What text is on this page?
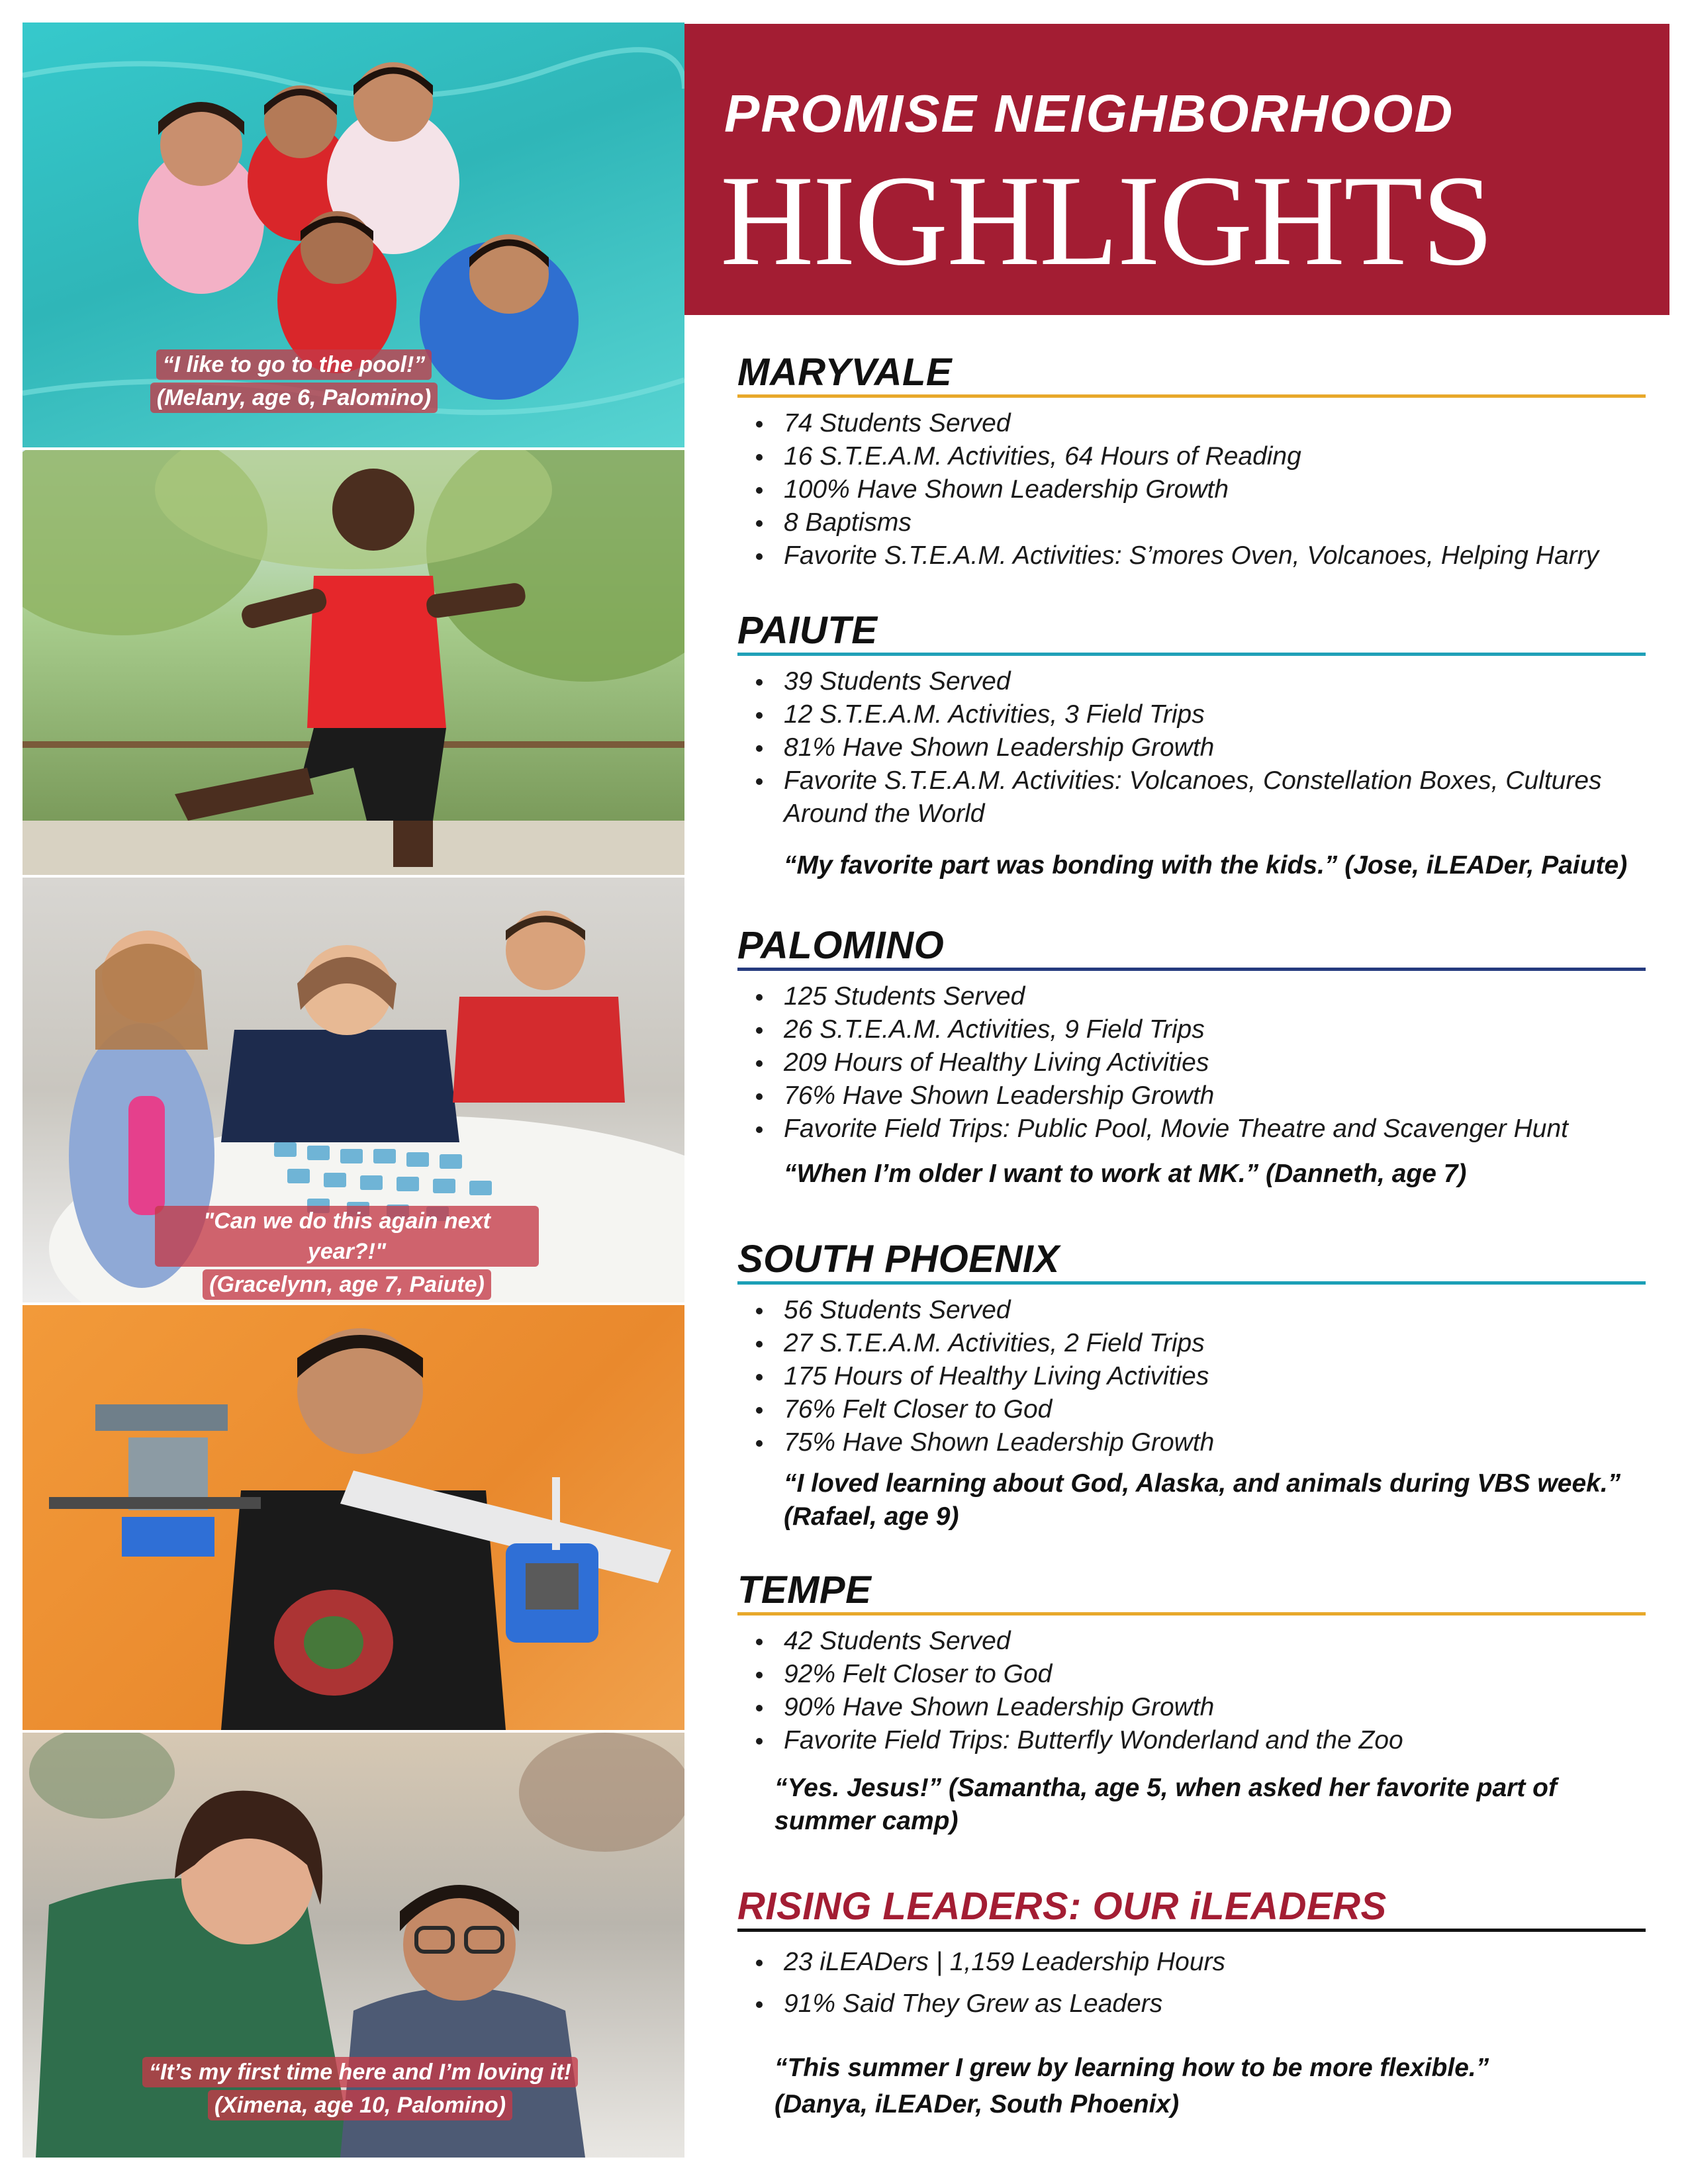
“I like to go to the pool!”
(Melany, age 6, Palomino)
"Can we do this again next year?!"
(Gracelynn, age 7, Paiute)
“It’s my first time here and I’m loving it!
(Ximena, age 10, Palomino)
PROMISE NEIGHBORHOOD
HIGHLIGHTS
MARYVALE
74 Students Served
16 S.T.E.A.M. Activities, 64 Hours of Reading
100% Have Shown Leadership Growth
8 Baptisms
Favorite S.T.E.A.M. Activities: S’mores Oven, Volcanoes, Helping Harry
PAIUTE
39 Students Served
12 S.T.E.A.M. Activities, 3 Field Trips
81% Have Shown Leadership Growth
Favorite S.T.E.A.M. Activities: Volcanoes, Constellation Boxes, Cultures Around the World
“My favorite part was bonding with the kids.” (Jose, iLEADer, Paiute)
PALOMINO
125 Students Served
26 S.T.E.A.M. Activities, 9 Field Trips
209 Hours of Healthy Living Activities
76% Have Shown Leadership Growth
Favorite Field Trips: Public Pool, Movie Theatre and Scavenger Hunt
“When I’m older I want to work at MK.” (Danneth, age 7)
SOUTH PHOENIX
56 Students Served
27 S.T.E.A.M. Activities, 2 Field Trips
175 Hours of Healthy Living Activities
76% Felt Closer to God
75% Have Shown Leadership Growth
“I loved learning about God, Alaska, and animals during VBS week.”
(Rafael, age 9)
TEMPE
42 Students Served
92% Felt Closer to God
90% Have Shown Leadership Growth
Favorite Field Trips: Butterfly Wonderland and the Zoo
“Yes. Jesus!” (Samantha, age 5, when asked her favorite part of
summer camp)
RISING LEADERS: OUR iLEADERS
23 iLEADers | 1,159 Leadership Hours
91% Said They Grew as Leaders
“This summer I grew by learning how to be more flexible.”
(Danya, iLEADer, South Phoenix)
